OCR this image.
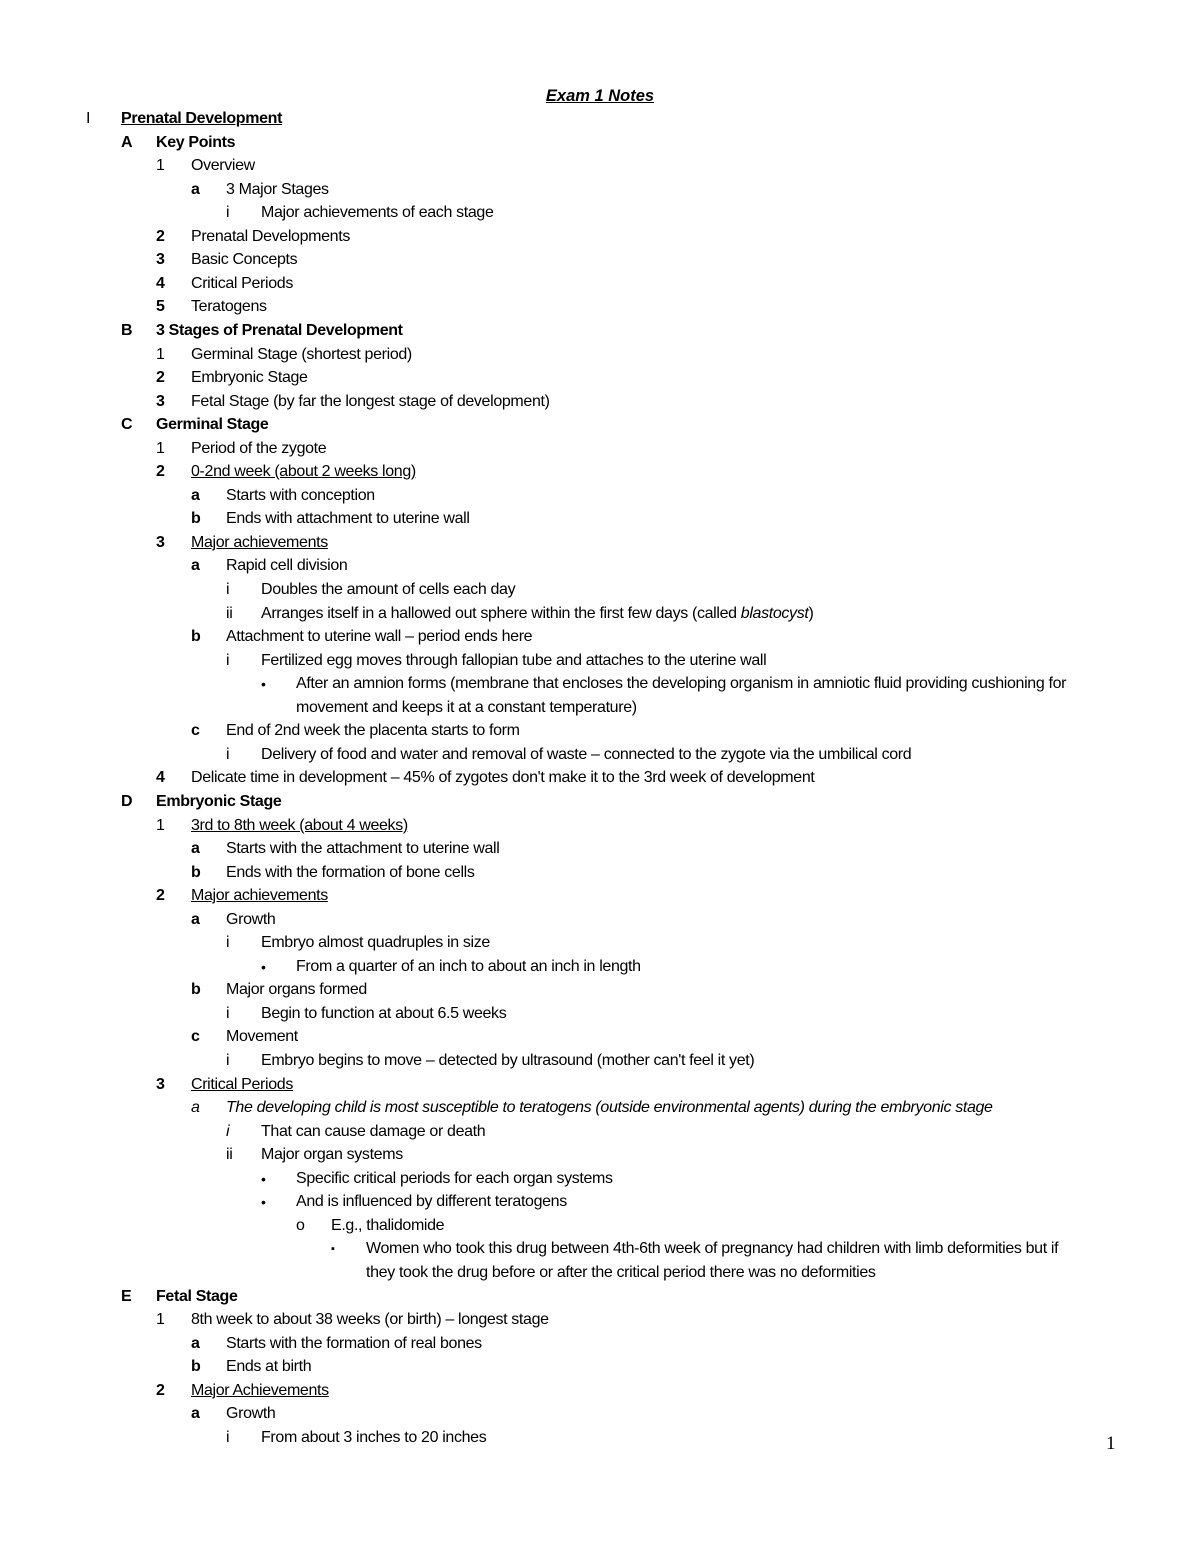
Exam 1 Notes
I Prenatal Development
A Key Points
1 Overview
a 3 Major Stages
i Major achievements of each stage
2 Prenatal Developments
3 Basic Concepts
4 Critical Periods
5 Teratogens
B 3 Stages of Prenatal Development
1 Germinal Stage (shortest period)
2 Embryonic Stage
3 Fetal Stage (by far the longest stage of development)
C Germinal Stage
1 Period of the zygote
2 0-2nd week (about 2 weeks long)
a Starts with conception
b Ends with attachment to uterine wall
3 Major achievements
a Rapid cell division
i Doubles the amount of cells each day
ii Arranges itself in a hallowed out sphere within the first few days (called blastocyst)
b Attachment to uterine wall – period ends here
i Fertilized egg moves through fallopian tube and attaches to the uterine wall
• After an amnion forms (membrane that encloses the developing organism in amniotic fluid providing cushioning for
movement and keeps it at a constant temperature)
c End of 2nd week the placenta starts to form
i Delivery of food and water and removal of waste – connected to the zygote via the umbilical cord
4 Delicate time in development – 45% of zygotes don't make it to the 3rd week of development
D Embryonic Stage
1 3rd to 8th week (about 4 weeks)
a Starts with the attachment to uterine wall
b Ends with the formation of bone cells
2 Major achievements
a Growth
i Embryo almost quadruples in size
• From a quarter of an inch to about an inch in length
b Major organs formed
i Begin to function at about 6.5 weeks
c Movement
i Embryo begins to move – detected by ultrasound (mother can't feel it yet)
3 Critical Periods
a The developing child is most susceptible to teratogens (outside environmental agents) during the embryonic stage
i That can cause damage or death
ii Major organ systems
• Specific critical periods for each organ systems
• And is influenced by different teratogens
o E.g., thalidomide
▪ Women who took this drug between 4th-6th week of pregnancy had children with limb deformities but if
they took the drug before or after the critical period there was no deformities
E Fetal Stage
1 8th week to about 38 weeks (or birth) – longest stage
a Starts with the formation of real bones
b Ends at birth
2 Major Achievements
a Growth
i From about 3 inches to 20 inches	1
